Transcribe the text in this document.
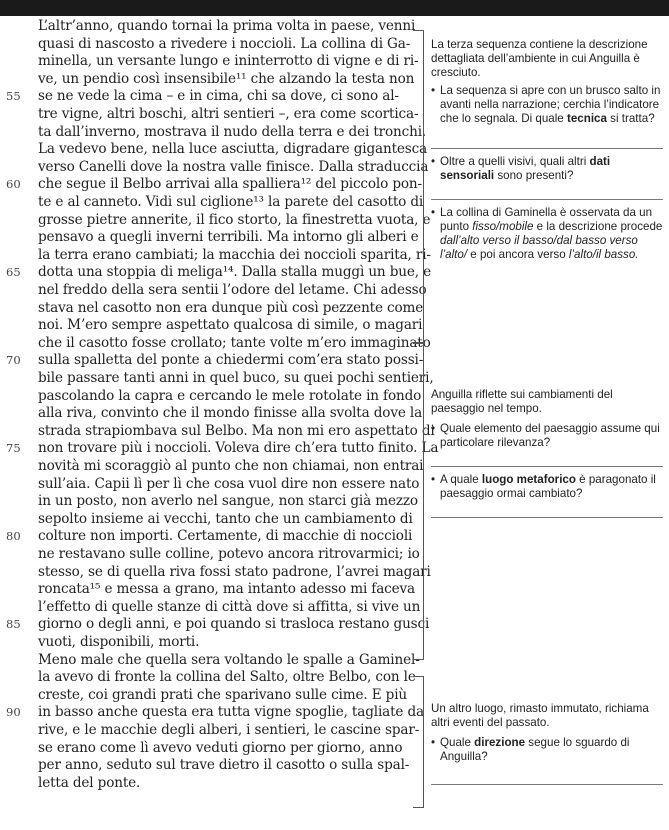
L’altr’anno, quando tornai la prima volta in paese, venni
quasi di nascosto a rivedere i noccioli. La collina di Ga-
minella, un versante lungo e ininterrotto di vigne e di ri-
ve, un pendio così insensibile¹¹ che alzando la testa non
se ne vede la cima – e in cima, chi sa dove, ci sono al-
tre vigne, altri boschi, altri sentieri –, era come scortica-
ta dall’inverno, mostrava il nudo della terra e dei tronchi.
La vedevo bene, nella luce asciutta, digradare gigantesca
verso Canelli dove la nostra valle finisce. Dalla straduccia
che segue il Belbo arrivai alla spalliera¹² del piccolo pon-
te e al canneto. Vidi sul ciglione¹³ la parete del casotto di
grosse pietre annerite, il fico storto, la finestretta vuota, e
pensavo a quegli inverni terribili. Ma intorno gli alberi e
la terra erano cambiati; la macchia dei noccioli sparita, ri-
dotta una stoppia di meliga¹⁴. Dalla stalla muggì un bue, e
nel freddo della sera sentii l’odore del letame. Chi adesso
stava nel casotto non era dunque più così pezzente come
noi. M’ero sempre aspettato qualcosa di simile, o magari
che il casotto fosse crollato; tante volte m’ero immaginato
sulla spalletta del ponte a chiedermi com’era stato possi-
bile passare tanti anni in quel buco, su quei pochi sentieri,
pascolando la capra e cercando le mele rotolate in fondo
alla riva, convinto che il mondo finisse alla svolta dove la
strada strapiombava sul Belbo. Ma non mi ero aspettato di
non trovare più i noccioli. Voleva dire ch’era tutto finito. La
novità mi scoraggiò al punto che non chiamai, non entrai
sull’aia. Capii lì per lì che cosa vuol dire non essere nato
in un posto, non averlo nel sangue, non starci già mezzo
sepolto insieme ai vecchi, tanto che un cambiamento di
colture non importi. Certamente, di macchie di noccioli
ne restavano sulle colline, potevo ancora ritrovarmici; io
stesso, se di quella riva fossi stato padrone, l’avrei magari
roncata¹⁵ e messa a grano, ma intanto adesso mi faceva
l’effetto di quelle stanze di città dove si affitta, si vive un
giorno o degli anni, e poi quando si trasloca restano gusci
vuoti, disponibili, morti.
Meno male che quella sera voltando le spalle a Gaminel-
la avevo di fronte la collina del Salto, oltre Belbo, con le
creste, coi grandi prati che sparivano sulle cime. E più
in basso anche questa era tutta vigne spoglie, tagliate da
rive, e le macchie degli alberi, i sentieri, le cascine spar-
se erano come lì avevo veduti giorno per giorno, anno
per anno, seduto sul trave dietro il casotto o sulla spal-
letta del ponte.
55
60
65
70
75
80
85
90

La terza sequenza contiene la descrizione dettagliata dell’ambiente in cui Anguilla è cresciuto.

• La sequenza si apre con un brusco salto in avanti nella narrazione; cerchia l’indicatore che lo segnala. Di quale tecnica si tratta?

• Oltre a quelli visivi, quali altri dati sensoriali sono presenti?

• La collina di Gaminella è osservata da un punto fisso/mobile e la descrizione procede dall’alto verso il basso/dal basso verso l’alto/ e poi ancora verso l’alto/il basso.

Anguilla riflette sui cambiamenti del paesaggio nel tempo.

• Quale elemento del paesaggio assume qui particolare rilevanza?

• A quale luogo metaforico è paragonato il paesaggio ormai cambiato?

Un altro luogo, rimasto immutato, richiama altri eventi del passato.

• Quale direzione segue lo sguardo di Anguilla?
